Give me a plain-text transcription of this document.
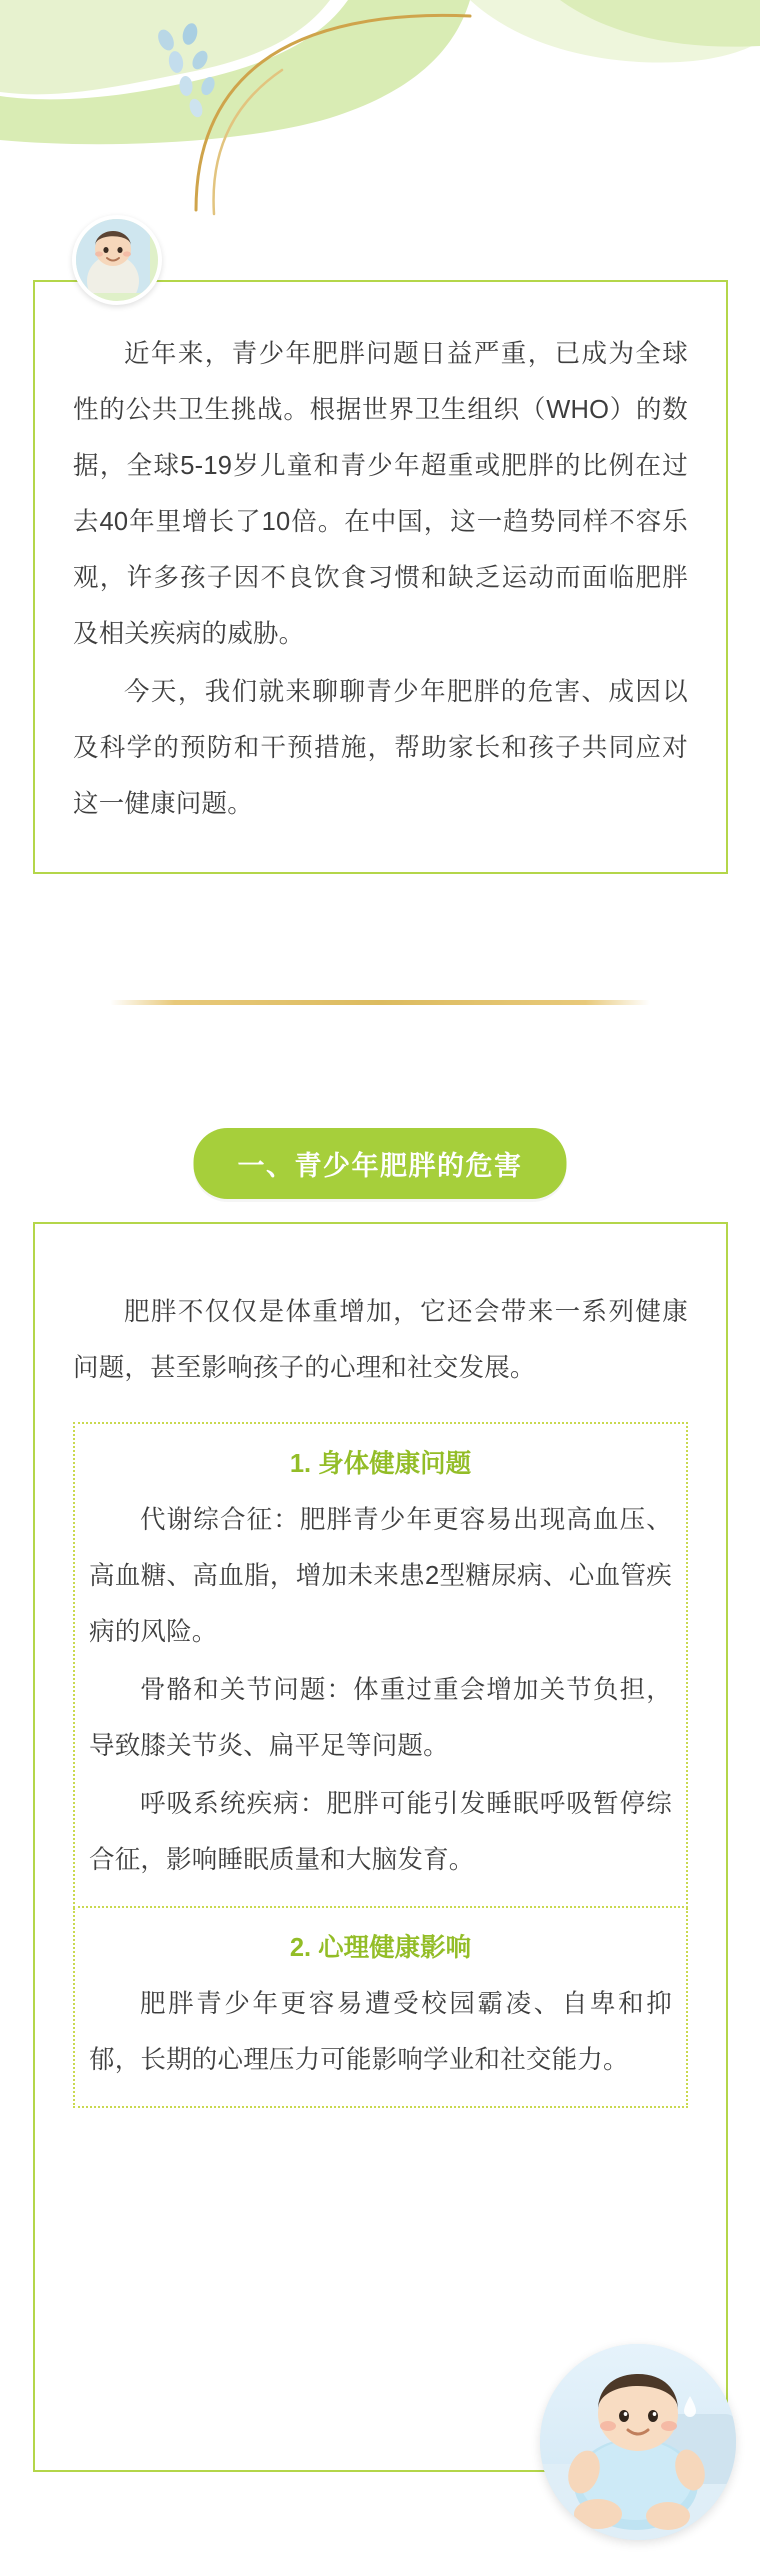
近年来，青少年肥胖问题日益严重，已成为全球性的公共卫生挑战。根据世界卫生组织（WHO）的数据，全球5-19岁儿童和青少年超重或肥胖的比例在过去40年里增长了10倍。在中国，这一趋势同样不容乐观，许多孩子因不良饮食习惯和缺乏运动而面临肥胖及相关疾病的威胁。

今天，我们就来聊聊青少年肥胖的危害、成因以及科学的预防和干预措施，帮助家长和孩子共同应对这一健康问题。

一、青少年肥胖的危害

肥胖不仅仅是体重增加，它还会带来一系列健康问题，甚至影响孩子的心理和社交发展。

1. 身体健康问题

代谢综合征：肥胖青少年更容易出现高血压、高血糖、高血脂，增加未来患2型糖尿病、心血管疾病的风险。

骨骼和关节问题：体重过重会增加关节负担，导致膝关节炎、扁平足等问题。

呼吸系统疾病：肥胖可能引发睡眠呼吸暂停综合征，影响睡眠质量和大脑发育。

2. 心理健康影响

肥胖青少年更容易遭受校园霸凌、自卑和抑郁，长期的心理压力可能影响学业和社交能力。
